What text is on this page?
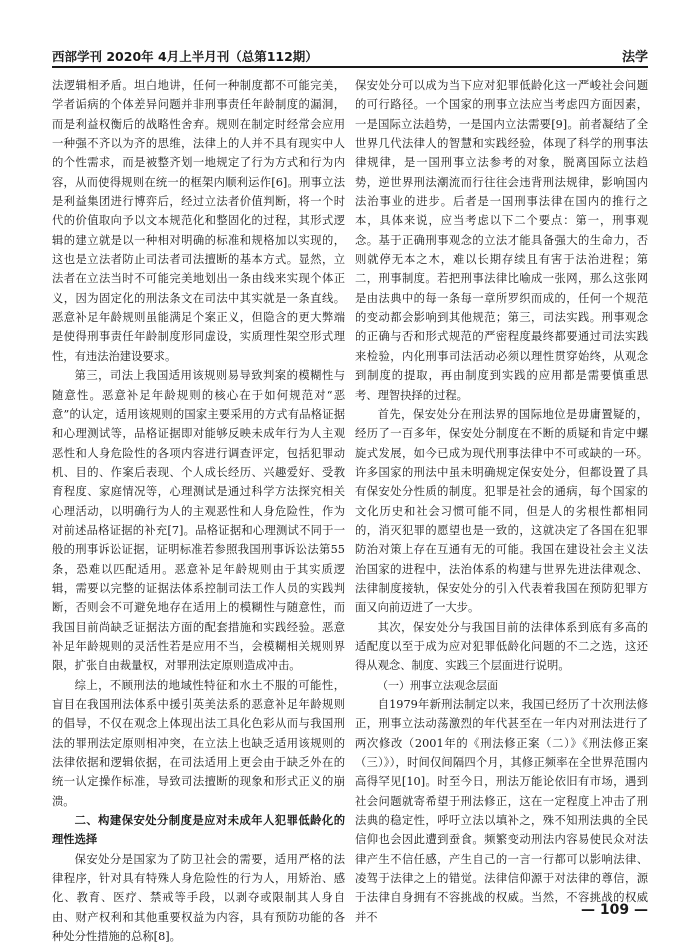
西部学刊 2020年 4月上半月刊（总第112期）	法学

法逻辑相矛盾。坦白地讲，任何一种制度都不可能完美，学者诟病的个体差异问题并非刑事责任年龄制度的漏洞，而是利益权衡后的战略性舍弃。规则在制定时经常会应用一种强不齐以为齐的思维，法律上的人并不具有现实中人的个性需求，而是被整齐划一地规定了行为方式和行为内容，从而使得规则在统一的框架内顺利运作[6]。刑事立法是利益集团进行博弈后，经过立法者价值判断，将一个时代的价值取向予以文本规范化和整固化的过程，其形式逻辑的建立就是以一种相对明确的标准和规格加以实现的，这也是立法者防止司法者司法擅断的基本方式。显然，立法者在立法当时不可能完美地划出一条由线来实现个体正义，因为固定化的刑法条文在司法中其实就是一条直线。恶意补足年龄规则虽能满足个案正义，但隐含的更大弊端是使得刑事责任年龄制度形同虚设，实质理性架空形式理性，有违法治建设要求。

第三，司法上我国适用该规则易导致判案的模糊性与随意性。恶意补足年龄规则的核心在于如何规范对“恶意”的认定，适用该规则的国家主要采用的方式有品格证据和心理测试等，品格证据即对能够反映未成年行为人主观恶性和人身危险性的各项内容进行调查评定，包括犯罪动机、目的、作案后表现、个人成长经历、兴趣爱好、受教育程度、家庭情况等，心理测试是通过科学方法探究相关心理活动，以明确行为人的主观恶性和人身危险性，作为对前述品格证据的补充[7]。品格证据和心理测试不同于一般的刑事诉讼证据，证明标准若参照我国刑事诉讼法第55条，恐难以匹配适用。恶意补足年龄规则由于其实质逻辑，需要以完整的证据法体系控制司法工作人员的实践判断，否则会不可避免地存在适用上的模糊性与随意性，而我国目前尚缺乏证据法方面的配套措施和实践经验。恶意补足年龄规则的灵活性若是应用不当，会模糊相关规则界限，扩张自由裁量权，对罪刑法定原则造成冲击。

综上，不顾刑法的地域性特征和水土不服的可能性，盲目在我国刑法体系中援引英美法系的恶意补足年龄规则的倡导，不仅在观念上体现出法工具化色彩从而与我国刑法的罪刑法定原则相冲突，在立法上也缺乏适用该规则的法律依据和逻辑依据，在司法适用上更会由于缺乏外在的统一认定操作标准，导致司法擅断的现象和形式正义的崩溃。

二、构建保安处分制度是应对未成年人犯罪低龄化的理性选择

保安处分是国家为了防卫社会的需要，适用严格的法律程序，针对具有特殊人身危险性的行为人，用矫治、感化、教育、医疗、禁戒等手段，以剥夺或限制其人身自由、财产权利和其他重要权益为内容，具有预防功能的各种处分性措施的总称[8]。

保安处分可以成为当下应对犯罪低龄化这一严峻社会问题的可行路径。一个国家的刑事立法应当考虑四方面因素，一是国际立法趋势，一是国内立法需要[9]。前者凝结了全世界几代法律人的智慧和实践经验，体现了科学的刑事法律规律，是一国刑事立法参考的对象，脱离国际立法趋势，逆世界刑法潮流而行往往会违背刑法规律，影响国内法治事业的进步。后者是一国刑事法律在国内的推行之本，具体来说，应当考虑以下二个要点：第一，刑事观念。基于正确刑事观念的立法才能具备强大的生命力，否则就停无本之木，难以长期存续且有害于法治进程；第二，刑事制度。若把刑事法律比喻成一张网，那么这张网是由法典中的每一条每一章所罗织而成的，任何一个规范的变动都会影响到其他规范；第三，司法实践。刑事观念的正确与否和形式规范的严密程度最终都要通过司法实践来检验，内化刑事司法活动必须以理性贯穿始终，从观念到制度的提取，再由制度到实践的应用都是需要慎重思考、理智抉择的过程。

首先，保安处分在刑法界的国际地位是毋庸置疑的，经历了一百多年，保安处分制度在不断的质疑和肯定中螺旋式发展，如今已成为现代刑事法律中不可或缺的一环。许多国家的刑法中虽未明确规定保安处分，但都设置了具有保安处分性质的制度。犯罪是社会的通病，每个国家的文化历史和社会习惯可能不同，但是人的劣根性都相同的，消灭犯罪的愿望也是一致的，这就决定了各国在犯罪防治对策上存在互通有无的可能。我国在建设社会主义法治国家的进程中，法治体系的构建与世界先进法律观念、法律制度接轨，保安处分的引入代表着我国在预防犯罪方面又向前迈进了一大步。

其次，保安处分与我国目前的法律体系到底有多高的适配度以至于成为应对犯罪低龄化问题的不二之选，这还得从观念、制度、实践三个层面进行说明。

（一）刑事立法观念层面

自1979年新刑法制定以来，我国已经历了十次刑法修正，刑事立法动荡激烈的年代甚至在一年内对刑法进行了两次修改（2001年的《刑法修正案（二）》《刑法修正案（三）》），时间仅间隔四个月，其修正频率在全世界范围内高得罕见[10]。时至今日，刑法万能论依旧有市场，遇到社会问题就寄希望于刑法修正，这在一定程度上冲击了刑法典的稳定性，呼吁立法以填补之，殊不知刑法典的全民信仰也会因此遭到蚕食。频繁变动刑法内容易使民众对法律产生不信任感，产生自己的一言一行都可以影响法律、凌驾于法律之上的错觉。法律信仰源于对法律的尊信，源于法律自身拥有不容挑战的权威。当然，不容挑战的权威并不	— 109 —
